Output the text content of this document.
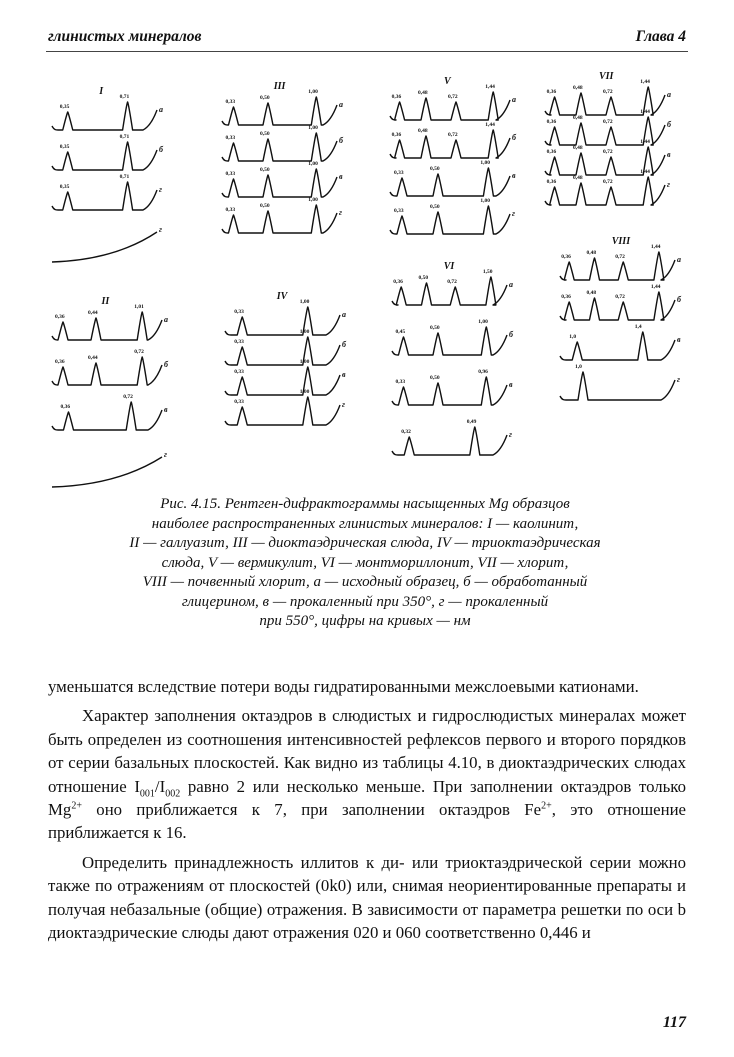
глинистых минералов	Глава 4
I
0,35
0,71
а
0,35
0,71
б
0,35
0,71
г
г
III
0,33
0,50
1,00
а
0,33
0,50
1,00
б
0,33
0,50
1,00
в
0,33
0,50
1,00
г
V
0,36
0,48
0,72
1,44
а
0,36
0,48
0,72
1,44
б
0,33
0,50
1,00
в
0,33
0,50
1,00
г
VII
0,36
0,48
0,72
1,44
а
0,36
0,48
0,72
1,44
б
0,36
0,48
0,72
1,44
в
0,36
0,48
0,72
1,44
г
II
0,36
0,44
1,01
а
0,36
0,44
0,72
б
0,36
0,72
в
г
IV
0,33
1,00
а
0,33
1,00
б
0,33
1,00
в
0,33
1,00
г
VI
0,36
0,50
0,72
1,50
а
0,45
0,50
1,00
б
0,33
0,50
0,96
в
0,32
0,49
г
VIII
0,36
0,48
0,72
1,44
а
0,36
0,48
0,72
1,44
б
1,0
1,4
в
1,0
г
Рис. 4.15. Рентген-дифрактограммы насыщенных Mg образцов
наиболее распространенных глинистых минералов: I — каолинит,
II — галлуазит, III — диоктаэдрическая слюда, IV — триоктаэдрическая
слюда, V — вермикулит, VI — монтмориллонит, VII — хлорит,
VIII — почвенный хлорит, а — исходный образец, б — обработанный
глицерином, в — прокаленный при 350°, г — прокаленный
при 550°, цифры на кривых — нм

уменьшатся вследствие потери воды гидратированными межслоевыми катионами.

Характер заполнения октаэдров в слюдистых и гидрослюдистых минералах может быть определен из соотношения интенсивностей рефлексов первого и второго порядков от серии базальных плоскостей. Как видно из таблицы 4.10, в диоктаэдрических слюдах отношение $I_{001}/I_{002}$ равно 2 или несколько меньше. При заполнении октаэдров только $Mg^{2+}$ оно приближается к 7, при заполнении октаэдров $Fe^{2+}$, это отношение приближается к 16.

Определить принадлежность иллитов к ди- или триоктаэдрической серии можно также по отражениям от плоскостей (0k0) или, снимая неориентированные препараты и получая небазальные (общие) отражения. В зависимости от параметра решетки по оси b диоктаэдрические слюды дают отражения 020 и 060 соответственно 0,446 и

117
